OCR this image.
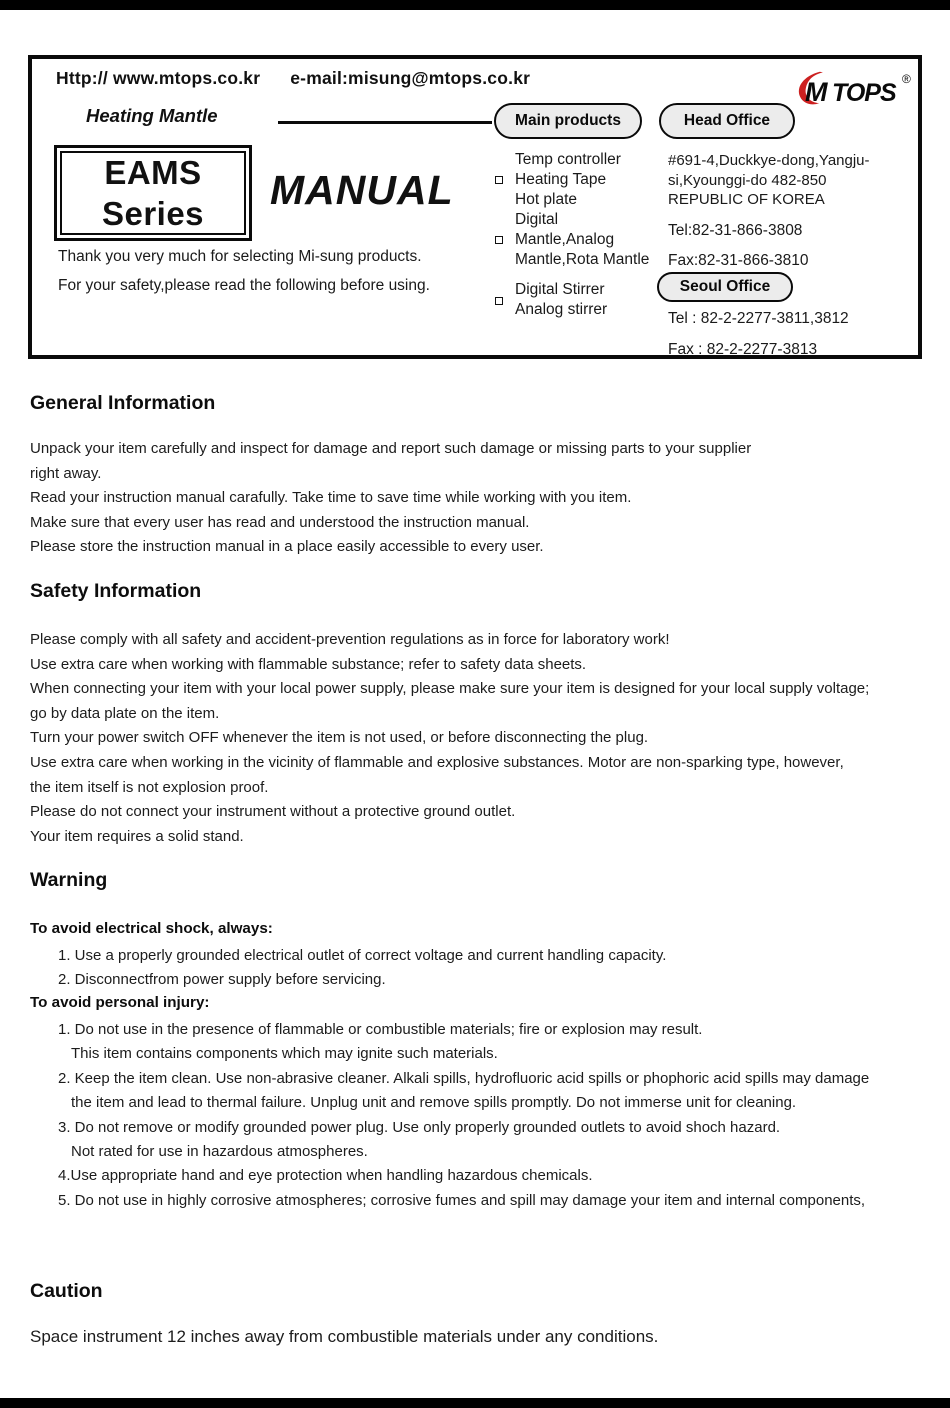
Http:// www.mtops.co.kr e-mail:misung@mtops.co.kr	M TOPS ®
Heating Mantle	Main products	Head Office
EAMS
Series
MANUAL
Thank you very much for selecting Mi-sung products.
For your safety,please read the following before using.
Temp controller
Heating Tape
Hot plate
Digital
Mantle,Analog
Mantle,Rota Mantle
Digital Stirrer
Analog stirrer
#691-4,Duckkye-dong,Yangju-
si,Kyounggi-do 482-850
REPUBLIC OF KOREA
Tel:82-31-866-3808
Fax:82-31-866-3810
Seoul Office
Tel : 82-2-2277-3811,3812
Fax : 82-2-2277-3813
General Information
Unpack your item carefully and inspect for damage and report such damage or missing parts to your supplier
right away.
Read your instruction manual carafully. Take time to save time while working with you item.
Make sure that every user has read and understood the instruction manual.
Please store the instruction manual in a place easily accessible to every user.
Safety Information
Please comply with all safety and accident-prevention regulations as in force for laboratory work!
Use extra care when working with flammable substance; refer to safety data sheets.
When connecting your item with your local power supply, please make sure your item is designed for your local supply voltage;
go by data plate on the item.
Turn your power switch OFF whenever the item is not used, or before disconnecting the plug.
Use extra care when working in the vicinity of flammable and explosive substances. Motor are non-sparking type, however,
the item itself is not explosion proof.
Please do not connect your instrument without a protective ground outlet.
Your item requires a solid stand.
Warning
To avoid electrical shock, always:
1. Use a properly grounded electrical outlet of correct voltage and current handling capacity.
2. Disconnectfrom power supply before servicing.
To avoid personal injury:
1. Do not use in the presence of flammable or combustible materials; fire or explosion may result.
This item contains components which may ignite such materials.
2. Keep the item clean. Use non-abrasive cleaner. Alkali spills, hydrofluoric acid spills or phophoric acid spills may damage
the item and lead to thermal failure. Unplug unit and remove spills promptly. Do not immerse unit for cleaning.
3. Do not remove or modify grounded power plug. Use only properly grounded outlets to avoid shoch hazard.
Not rated for use in hazardous atmospheres.
4.Use appropriate hand and eye protection when handling hazardous chemicals.
5. Do not use in highly corrosive atmospheres; corrosive fumes and spill may damage your item and internal components,
Caution
Space instrument 12 inches away from combustible materials under any conditions.
